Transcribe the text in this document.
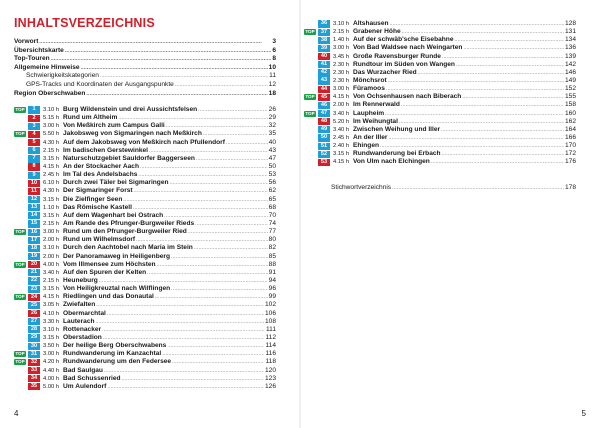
INHALTSVERZEICHNIS
Vorwort . . .	3
Übersichtskarte . . .	6
Top-Touren . . .	8
Allgemeine Hinweise . . .	10
Schwierigkeitskategorien . . .	11
GPS-Tracks und Koordinaten der Ausgangspunkte . . .	12
Region Oberschwaben . . .	18
TOP	1	3.10 h Burg Wildenstein und drei Aussichtsfelsen . . .	26
2	5.15 h Rund um Altheim . . .	29
3	3.00 h Von Meßkirch zum Campus Galli . . .	32
TOP	4	5.50 h Jakobsweg von Sigmaringen nach Meßkirch . . .	35
5	4.30 h Auf dem Jakobsweg von Meßkirch nach Pfullendorf . . .	40
6	2.15 h Im badischen Gerstewinkel . . .	43
7	3.15 h Naturschutzgebiet Sauldorfer Baggerseen . . .	47
8	4.15 h An der Stockacher Aach . . .	50
9	2.45 h Im Tal des Andelsbachs . . .	53
10	6.10 h Durch zwei Täler bei Sigmaringen . . .	56
11	4.30 h Der Sigmaringer Forst . . .	62
12	3.15 h Die Zielfinger Seen . . .	65
13	1.10 h Das Römische Kastell . . .	68
14	3.15 h Auf dem Wagenhart bei Ostrach . . .	70
15	2.15 h Am Rande des Pfrunger-Burgweiler Rieds . . .	74
TOP	16	3.00 h Rund um den Pfrunger-Burgweiler Ried . . .	77
17	2.00 h Rund um Wilhelmsdorf . . .	80
18	3.10 h Durch den Aachtobel nach Maria im Stein . . .	82
19	2.00 h Der Panoramaweg in Heiligenberg . . .	85
TOP	20	4.00 h Vom Illmensee zum Höchsten . . .	88
21	3.40 h Auf den Spuren der Kelten . . .	91
22	2.15 h Heuneburg . . .	94
23	3.15 h Von Heiligkreuztal nach Wilflingen . . .	96
TOP	24	4.15 h Riedlingen und das Donautal . . .	99
25	3.05 h Zwiefalten . . .	102
26	4.10 h Obermarchtal . . .	106
27	3.30 h Lauterach . . .	108
28	3.10 h Rottenacker . . .	111
29	3.15 h Oberstadion . . .	112
30	3.50 h Der heilige Berg Oberschwabens . . .	114
TOP	31	3.00 h Rundwanderung im Kanzachtal . . .	116
TOP	32	4.20 h Rundwanderung um den Federsee . . .	118
33	4.40 h Bad Saulgau . . .	120
34	4.00 h Bad Schussenried . . .	123
35	5.00 h Um Aulendorf . . .	126
4
36	3.10 h Altshausen . . .	128
TOP	37	2.15 h Grabener Höhe . . .	131
38	1.40 h Auf der schwäb'sche Eisebahne . . .	134
39	3.00 h Von Bad Waldsee nach Weingarten . . .	136
40	3.45 h Große Ravensburger Runde . . .	139
41	2.30 h Rundtour im Süden von Wangen . . .	142
42	2.30 h Das Wurzacher Ried . . .	146
43	2.30 h Mönchsrot . . .	149
44	3.00 h Füramoos . . .	152
TOP	45	4.15 h Von Ochsenhausen nach Biberach . . .	155
46	2.00 h Im Rennerwald . . .	158
TOP	47	3.40 h Laupheim . . .	160
48	5.20 h Im Weihungtal . . .	162
49	3.40 h Zwischen Weihung und Iller . . .	164
50	2.45 h An der Iller . . .	166
51	2.40 h Ehingen . . .	170
52	3.15 h Rundwanderung bei Erbach . . .	172
53	4.15 h Von Ulm nach Elchingen . . .	176
Stichwortverzeichnis . . .	178
5
